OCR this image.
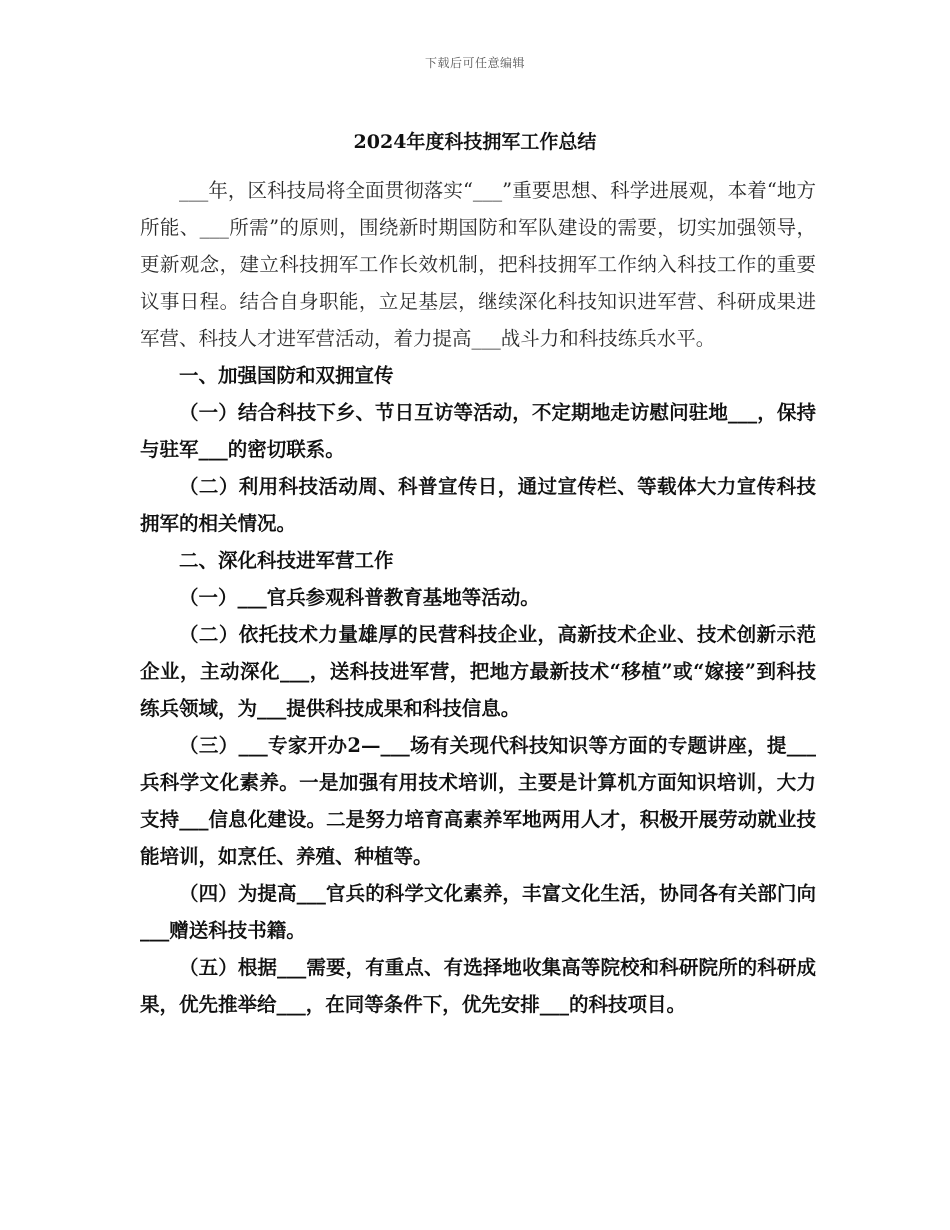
下载后可任意编辑
2024年度科技拥军工作总结

___年，区科技局将全面贯彻落实“___”重要思想、科学进展观，本着“地方所能、___所需”的原则，围绕新时期国防和军队建设的需要，切实加强领导，更新观念，建立科技拥军工作长效机制，把科技拥军工作纳入科技工作的重要议事日程。结合自身职能，立足基层，继续深化科技知识进军营、科研成果进军营、科技人才进军营活动，着力提高___战斗力和科技练兵水平。

一、加强国防和双拥宣传

（一）结合科技下乡、节日互访等活动，不定期地走访慰问驻地___，保持与驻军___的密切联系。

（二）利用科技活动周、科普宣传日，通过宣传栏、等载体大力宣传科技拥军的相关情况。

二、深化科技进军营工作

（一）___官兵参观科普教育基地等活动。

（二）依托技术力量雄厚的民营科技企业，高新技术企业、技术创新示范企业，主动深化___，送科技进军营，把地方最新技术“移植”或“嫁接”到科技练兵领域，为___提供科技成果和科技信息。

（三）___专家开办2—___场有关现代科技知识等方面的专题讲座，提___兵科学文化素养。一是加强有用技术培训，主要是计算机方面知识培训，大力支持___信息化建设。二是努力培育高素养军地两用人才，积极开展劳动就业技能培训，如烹任、养殖、种植等。

（四）为提高___官兵的科学文化素养，丰富文化生活，协同各有关部门向___赠送科技书籍。

（五）根据___需要，有重点、有选择地收集高等院校和科研院所的科研成果，优先推举给___，在同等条件下，优先安排___的科技项目。
